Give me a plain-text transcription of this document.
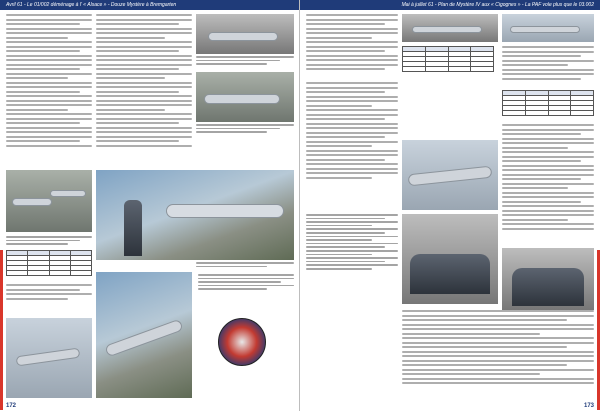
Avril 61 - Le 01/002 déménage à l' « Alsace » - Douze Mystère à Bremgarten

172
Mai à juillet 61 - Plan de Mystère IV aux « Cigognes » - La PAF vole plus que le 03.002

173
